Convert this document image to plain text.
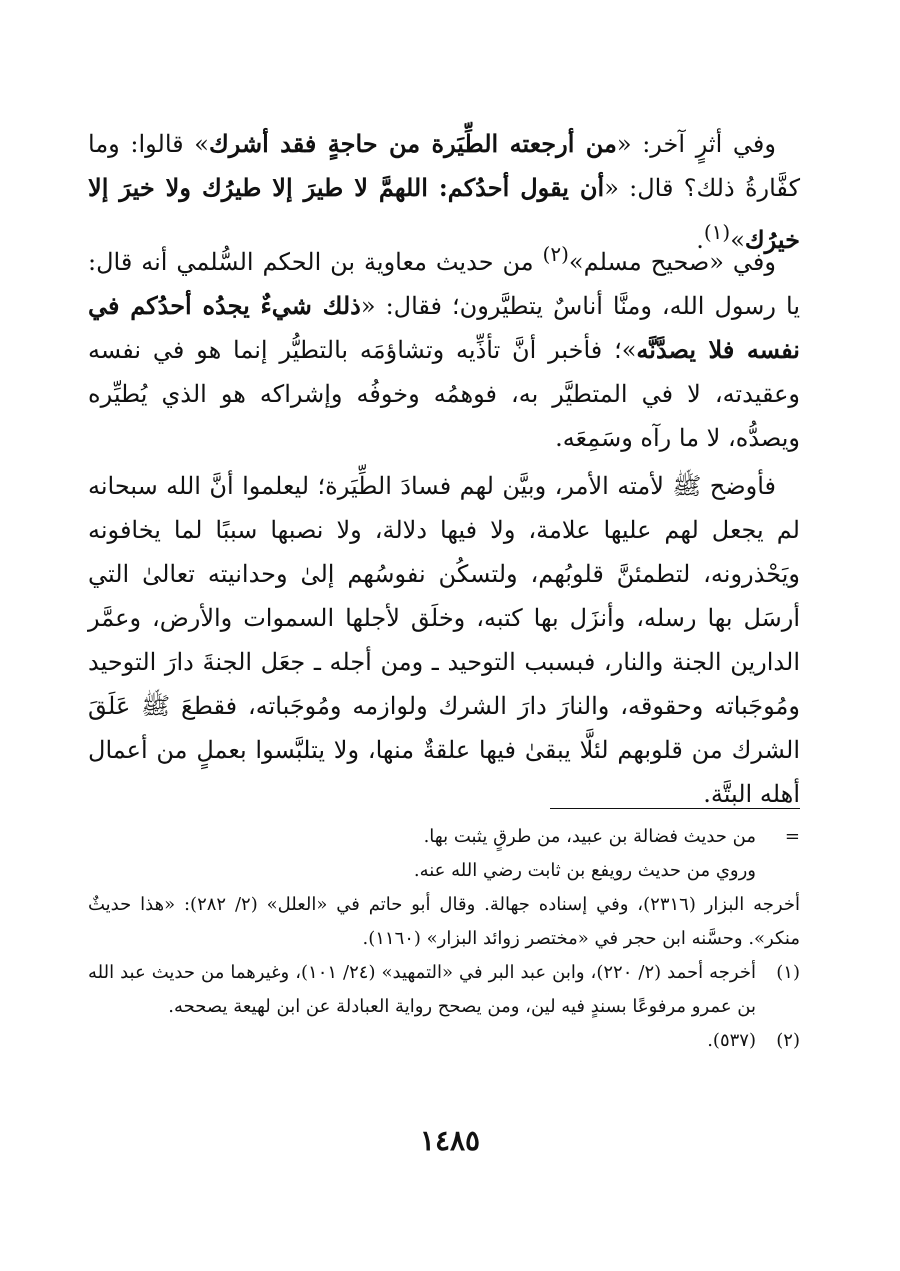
وفي أثرٍ آخر: «من أرجعته الطِّيَرة من حاجةٍ فقد أشرك» قالوا: وما كفَّارةُ ذلك؟ قال: «أن يقول أحدُكم: اللهمَّ لا طيرَ إلا طيرُك ولا خيرَ إلا خيرُك»$^{(١)}$.

وفي «صحيح مسلم»$^{(٢)}$ من حديث معاوية بن الحكم السُّلمي أنه قال: يا رسول الله، ومنَّا أناسٌ يتطيَّرون؛ فقال: «ذلك شيءٌ يجدُه أحدُكم في نفسه فلا يصدَّنَّه»؛ فأخبر أنَّ تأذِّيه وتشاؤمَه بالتطيُّر إنما هو في نفسه وعقيدته، لا في المتطيَّر به، فوهمُه وخوفُه وإشراكه هو الذي يُطيِّره ويصدُّه، لا ما رآه وسَمِعَه.

فأوضح ﷺ لأمته الأمر، وبيَّن لهم فسادَ الطِّيَرة؛ ليعلموا أنَّ الله سبحانه لم يجعل لهم عليها علامة، ولا فيها دلالة، ولا نصبها سببًا لما يخافونه ويَحْذرونه، لتطمئنَّ قلوبُهم، ولتسكُن نفوسُهم إلىٰ وحدانيته تعالىٰ التي أرسَل بها رسله، وأنزَل بها كتبه، وخلَق لأجلها السموات والأرض، وعمَّر الدارين الجنة والنار، فبسبب التوحيد ـ ومن أجله ـ جعَل الجنةَ دارَ التوحيد ومُوجَباته وحقوقه، والنارَ دارَ الشرك ولوازمه ومُوجَباته، فقطعَ ﷺ عَلَقَ الشرك من قلوبهم لئلَّا يبقىٰ فيها علقةٌ منها، ولا يتلبَّسوا بعملٍ من أعمال أهله البتَّة.

=
من حديث فضالة بن عبيد، من طرقٍ يثبت بها.
وروي من حديث رويفع بن ثابت رضي الله عنه.
أخرجه البزار (٢٣١٦)، وفي إسناده جهالة. وقال أبو حاتم في «العلل» (٢/ ٢٨٢): «هذا حديثٌ منكر». وحسَّنه ابن حجر في «مختصر زوائد البزار» (١١٦٠).
(١)
أخرجه أحمد (٢/ ٢٢٠)، وابن عبد البر في «التمهيد» (٢٤/ ١٠١)، وغيرهما من حديث عبد الله بن عمرو مرفوعًا بسندٍ فيه لين، ومن يصحح رواية العبادلة عن ابن لهيعة يصححه.
(٢)
(٥٣٧).
١٤٨٥
